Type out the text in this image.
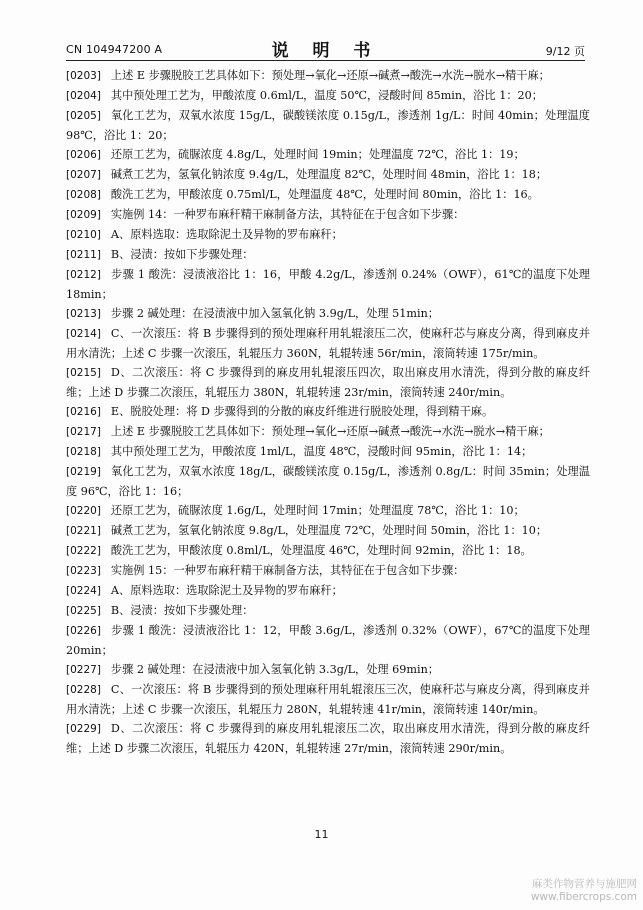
CN 104947200 A	说 明 书	9/12 页

[0203] 上述 E 步骤脱胶工艺具体如下：预处理→氧化→还原→碱煮→酸洗→水洗→脱水→精干麻；

[0204] 其中预处理工艺为，甲酸浓度 0.6ml/L，温度 50℃，浸酸时间 85min，浴比 1：20；

[0205] 氧化工艺为，双氧水浓度 15g/L，碳酸镁浓度 0.15g/L，渗透剂 1g/L：时间 40min；处理温度 98℃，浴比 1：20；

[0206] 还原工艺为，硫脲浓度 4.8g/L，处理时间 19min；处理温度 72℃，浴比 1：19；

[0207] 碱煮工艺为，氢氧化钠浓度 9.4g/L，处理温度 82℃，处理时间 48min，浴比 1：18；

[0208] 酸洗工艺为，甲酸浓度 0.75ml/L，处理温度 48℃，处理时间 80min，浴比 1：16。

[0209] 实施例 14：一种罗布麻秆精干麻制备方法，其特征在于包含如下步骤：

[0210] A、原料选取：选取除泥土及异物的罗布麻秆；

[0211] B、浸渍：按如下步骤处理：

[0212] 步骤 1 酸洗：浸渍液浴比 1：16，甲酸 4.2g/L，渗透剂 0.24%（OWF），61℃的温度下处理 18min；

[0213] 步骤 2 碱处理：在浸渍液中加入氢氧化钠 3.9g/L，处理 51min；

[0214] C、一次滚压：将 B 步骤得到的预处理麻秆用轧辊滚压二次，使麻秆芯与麻皮分离，得到麻皮并用水清洗；上述 C 步骤一次滚压，轧辊压力 360N，轧辊转速 56r/min，滚筒转速 175r/min。

[0215] D、二次滚压：将 C 步骤得到的麻皮用轧辊滚压四次，取出麻皮用水清洗，得到分散的麻皮纤维；上述 D 步骤二次滚压，轧辊压力 380N，轧辊转速 23r/min，滚筒转速 240r/min。

[0216] E、脱胶处理：将 D 步骤得到的分散的麻皮纤维进行脱胶处理，得到精干麻。

[0217] 上述 E 步骤脱胶工艺具体如下：预处理→氧化→还原→碱煮→酸洗→水洗→脱水→精干麻；

[0218] 其中预处理工艺为，甲酸浓度 1ml/L，温度 48℃，浸酸时间 95min，浴比 1：14；

[0219] 氧化工艺为，双氧水浓度 18g/L，碳酸镁浓度 0.15g/L，渗透剂 0.8g/L：时间 35min；处理温度 96℃，浴比 1：16；

[0220] 还原工艺为，硫脲浓度 1.6g/L，处理时间 17min；处理温度 78℃，浴比 1：10；

[0221] 碱煮工艺为，氢氧化钠浓度 9.8g/L，处理温度 72℃，处理时间 50min，浴比 1：10；

[0222] 酸洗工艺为，甲酸浓度 0.8ml/L，处理温度 46℃，处理时间 92min，浴比 1：18。

[0223] 实施例 15：一种罗布麻秆精干麻制备方法，其特征在于包含如下步骤：

[0224] A、原料选取：选取除泥土及异物的罗布麻秆；

[0225] B、浸渍：按如下步骤处理：

[0226] 步骤 1 酸洗：浸渍液浴比 1：12，甲酸 3.6g/L，渗透剂 0.32%（OWF），67℃的温度下处理 20min；

[0227] 步骤 2 碱处理：在浸渍液中加入氢氧化钠 3.3g/L，处理 69min；

[0228] C、一次滚压：将 B 步骤得到的预处理麻秆用轧辊滚压三次，使麻秆芯与麻皮分离，得到麻皮并用水清洗；上述 C 步骤一次滚压，轧辊压力 280N，轧辊转速 41r/min，滚筒转速 140r/min。

[0229] D、二次滚压：将 C 步骤得到的麻皮用轧辊滚压二次，取出麻皮用水清洗，得到分散的麻皮纤维；上述 D 步骤二次滚压，轧辊压力 420N，轧辊转速 27r/min，滚筒转速 290r/min。

11
麻类作物营养与施肥网
www.fibercrops.com
